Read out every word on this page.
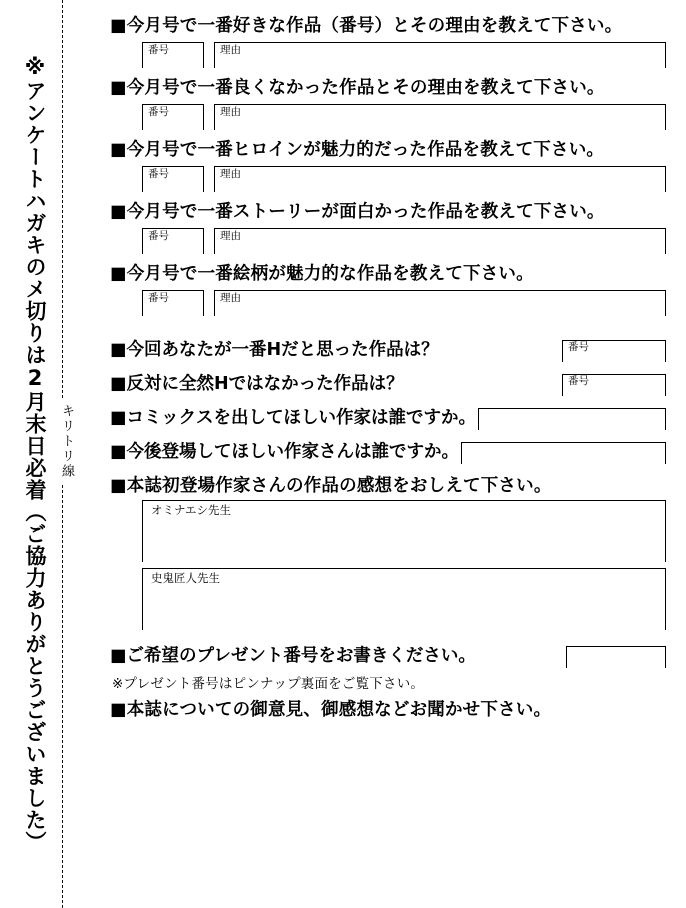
キリトリ線
※アンケートハガキのメ切りは2月末日必着（ご協力ありがとうございました）
■今月号で一番好きな作品（番号）とその理由を教えて下さい。
番号	理由
■今月号で一番良くなかった作品とその理由を教えて下さい。
番号	理由
■今月号で一番ヒロインが魅力的だった作品を教えて下さい。
番号	理由
■今月号で一番ストーリーが面白かった作品を教えて下さい。
番号	理由
■今月号で一番絵柄が魅力的な作品を教えて下さい。
番号	理由
■今回あなたが一番Hだと思った作品は？	番号
■反対に全然Hではなかった作品は？	番号
■コミックスを出してほしい作家は誰ですか。
■今後登場してほしい作家さんは誰ですか。
■本誌初登場作家さんの作品の感想をおしえて下さい。
オミナエシ先生
史鬼匠人先生
■ご希望のプレゼント番号をお書きください。
※プレゼント番号はピンナップ裏面をご覧下さい。
■本誌についての御意見、御感想などお聞かせ下さい。
